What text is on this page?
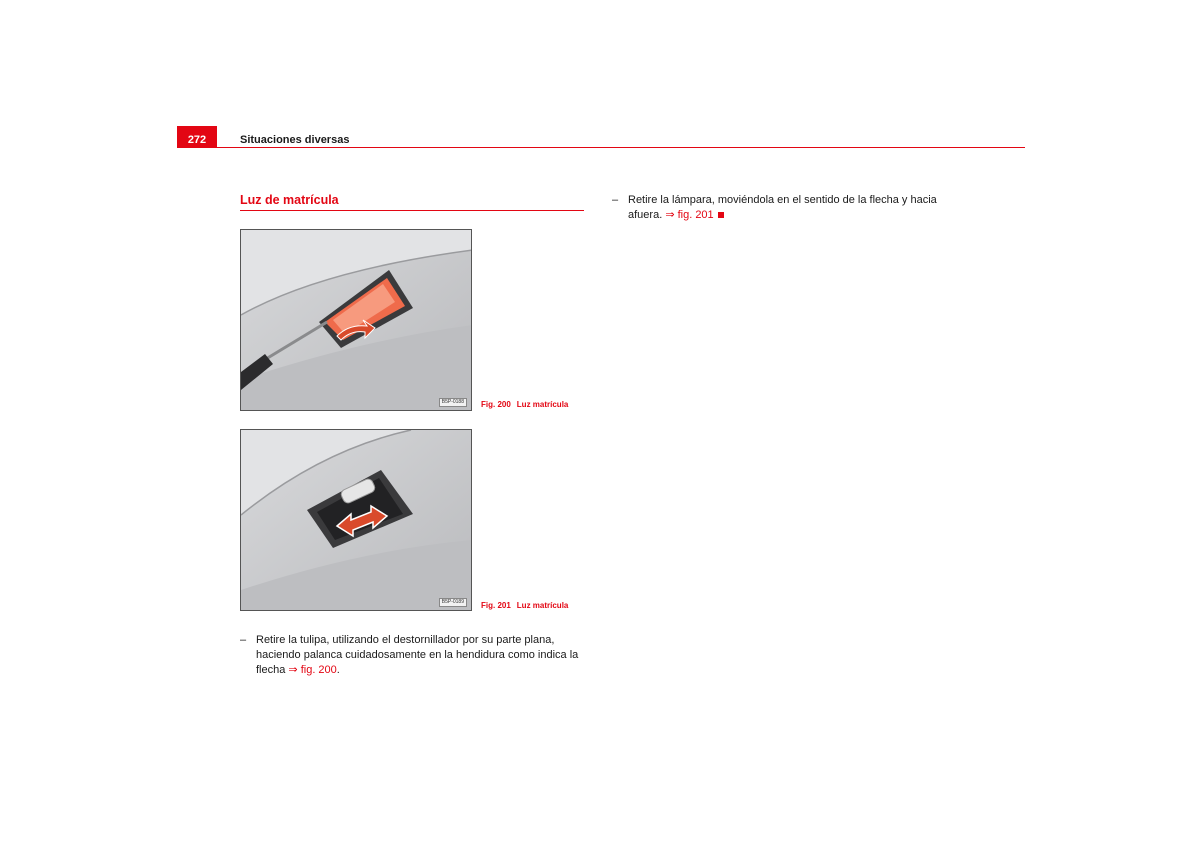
272	Situaciones diversas
Luz de matrícula
B5P-0188	Fig. 200 Luz matrícula
B5P-0189	Fig. 201 Luz matrícula
– Retire la tulipa, utilizando el destornillador por su parte plana, haciendo palanca cuidadosamente en la hendidura como indica la flecha ⇒ fig. 200.
– Retire la lámpara, moviéndola en el sentido de la flecha y hacia afuera. ⇒ fig. 201
